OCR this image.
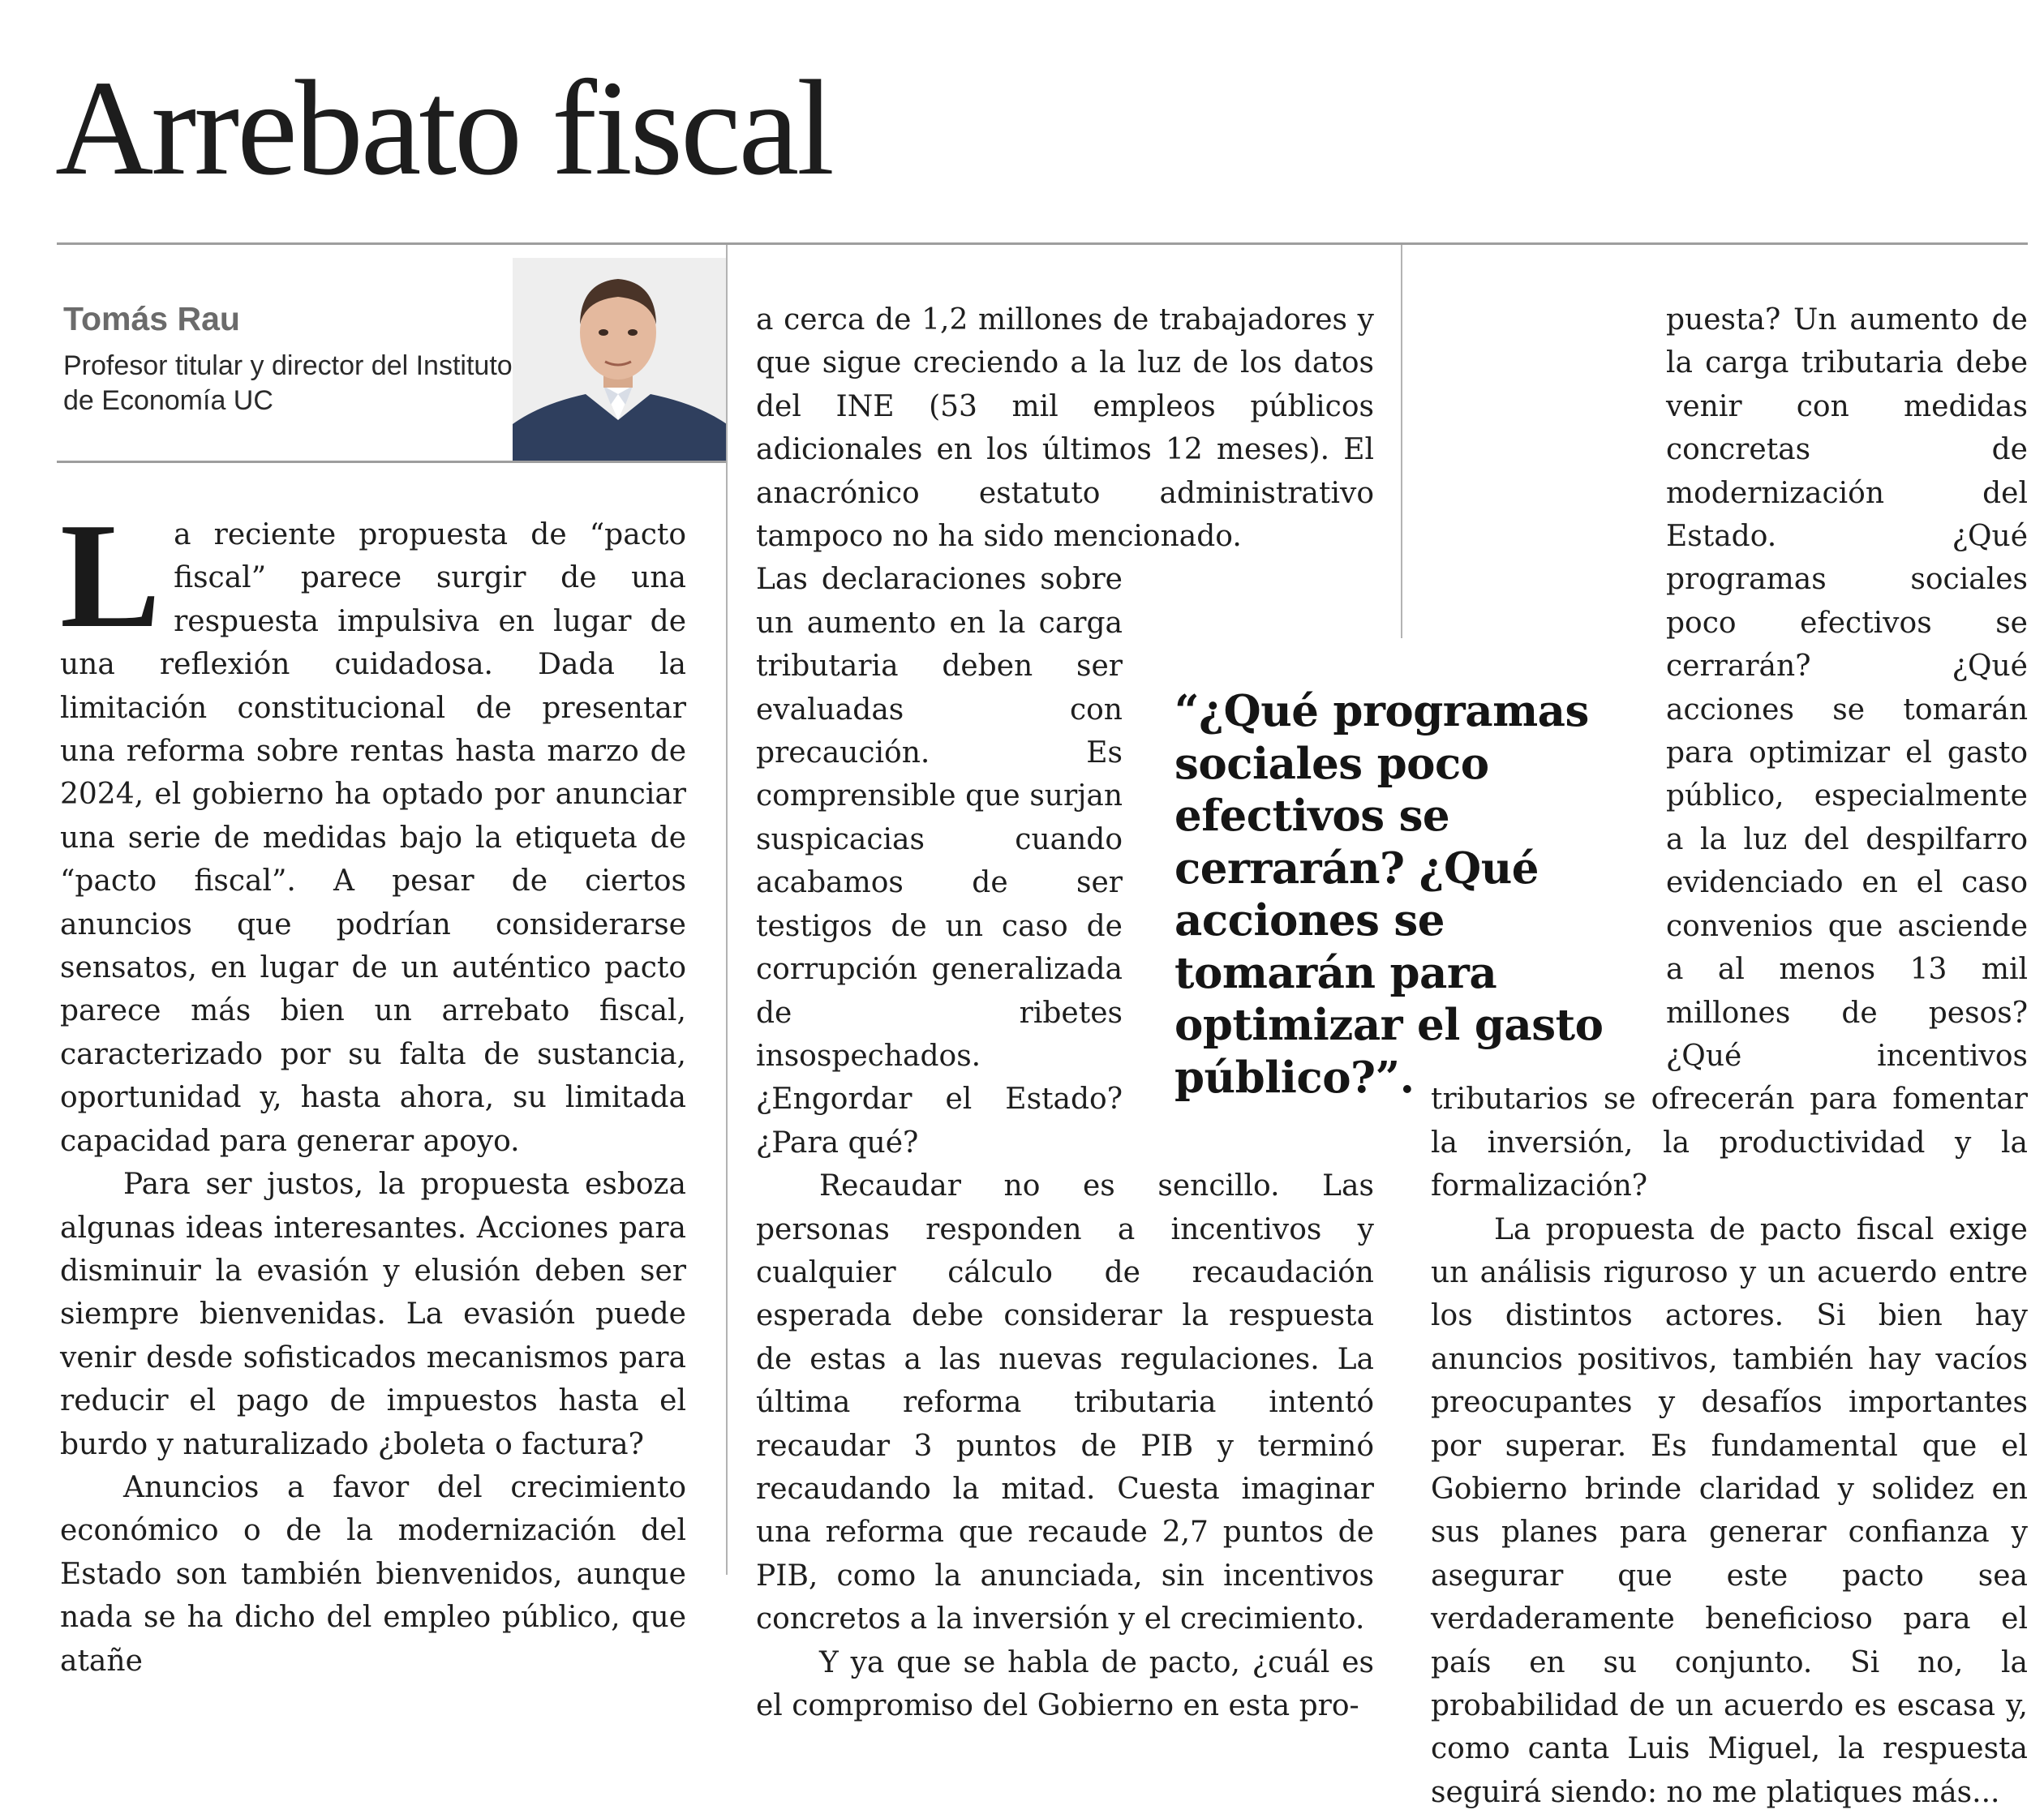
Arrebato fiscal

Tomás Rau

Profesor titular y director del Instituto de Economía UC

La reciente propuesta de “pacto fiscal” parece surgir de una respuesta impulsiva en lugar de una reflexión cuidadosa. Dada la limitación constitucional de presentar una reforma sobre rentas hasta marzo de 2024, el gobierno ha optado por anunciar una serie de medidas bajo la etiqueta de “pacto fiscal”. A pesar de ciertos anuncios que podrían considerarse sensatos, en lugar de un auténtico pacto parece más bien un arrebato fiscal, caracterizado por su falta de sustancia, oportunidad y, hasta ahora, su limitada capacidad para generar apoyo.

Para ser justos, la propuesta esboza algunas ideas interesantes. Acciones para disminuir la evasión y elusión deben ser siempre bienvenidas. La evasión puede venir desde sofisticados mecanismos para reducir el pago de impuestos hasta el burdo y naturalizado ¿boleta o factura?

Anuncios a favor del crecimiento económico o de la modernización del Estado son también bienvenidos, aunque nada se ha dicho del empleo público, que atañe

a cerca de 1,2 millones de trabajadores y que sigue creciendo a la luz de los datos del INE (53 mil empleos públicos adicionales en los últimos 12 meses). El anacrónico estatuto administrativo tampoco no ha sido mencionado.

Las declaraciones sobre un aumento en la carga tributaria deben ser evaluadas con precaución. Es comprensible que surjan suspicacias cuando acabamos de ser testigos de un caso de corrupción generalizada de ribetes insospechados. ¿Engordar el Estado? ¿Para qué?

Recaudar no es sencillo. Las personas responden a incentivos y cualquier cálculo de recaudación esperada debe considerar la respuesta de estas a las nuevas regulaciones. La última reforma tributaria intentó recaudar 3 puntos de PIB y terminó recaudando la mitad. Cuesta imaginar una reforma que recaude 2,7 puntos de PIB, como la anunciada, sin incentivos concretos a la inversión y el crecimiento.

Y ya que se habla de pacto, ¿cuál es el compromiso del Gobierno en esta pro-

puesta? Un aumento de la carga tributaria debe venir con medidas concretas de modernización del Estado. ¿Qué programas sociales poco efectivos se cerrarán? ¿Qué acciones se tomarán para optimizar el gasto público, especialmente a la luz del despilfarro evidenciado en el caso convenios que asciende a al menos 13 mil millones de pesos? ¿Qué incentivos tributarios se ofrecerán para fomentar la inversión, la productividad y la formalización?

La propuesta de pacto fiscal exige un análisis riguroso y un acuerdo entre los distintos actores. Si bien hay anuncios positivos, también hay vacíos preocupantes y desafíos importantes por superar. Es fundamental que el Gobierno brinde claridad y solidez en sus planes para generar confianza y asegurar que este pacto sea verdaderamente beneficioso para el país en su conjunto. Si no, la probabilidad de un acuerdo es escasa y, como canta Luis Miguel, la respuesta seguirá siendo: no me platiques más...

“¿Qué programas sociales poco efectivos se cerrarán? ¿Qué acciones se tomarán para optimizar el gasto público?”.
